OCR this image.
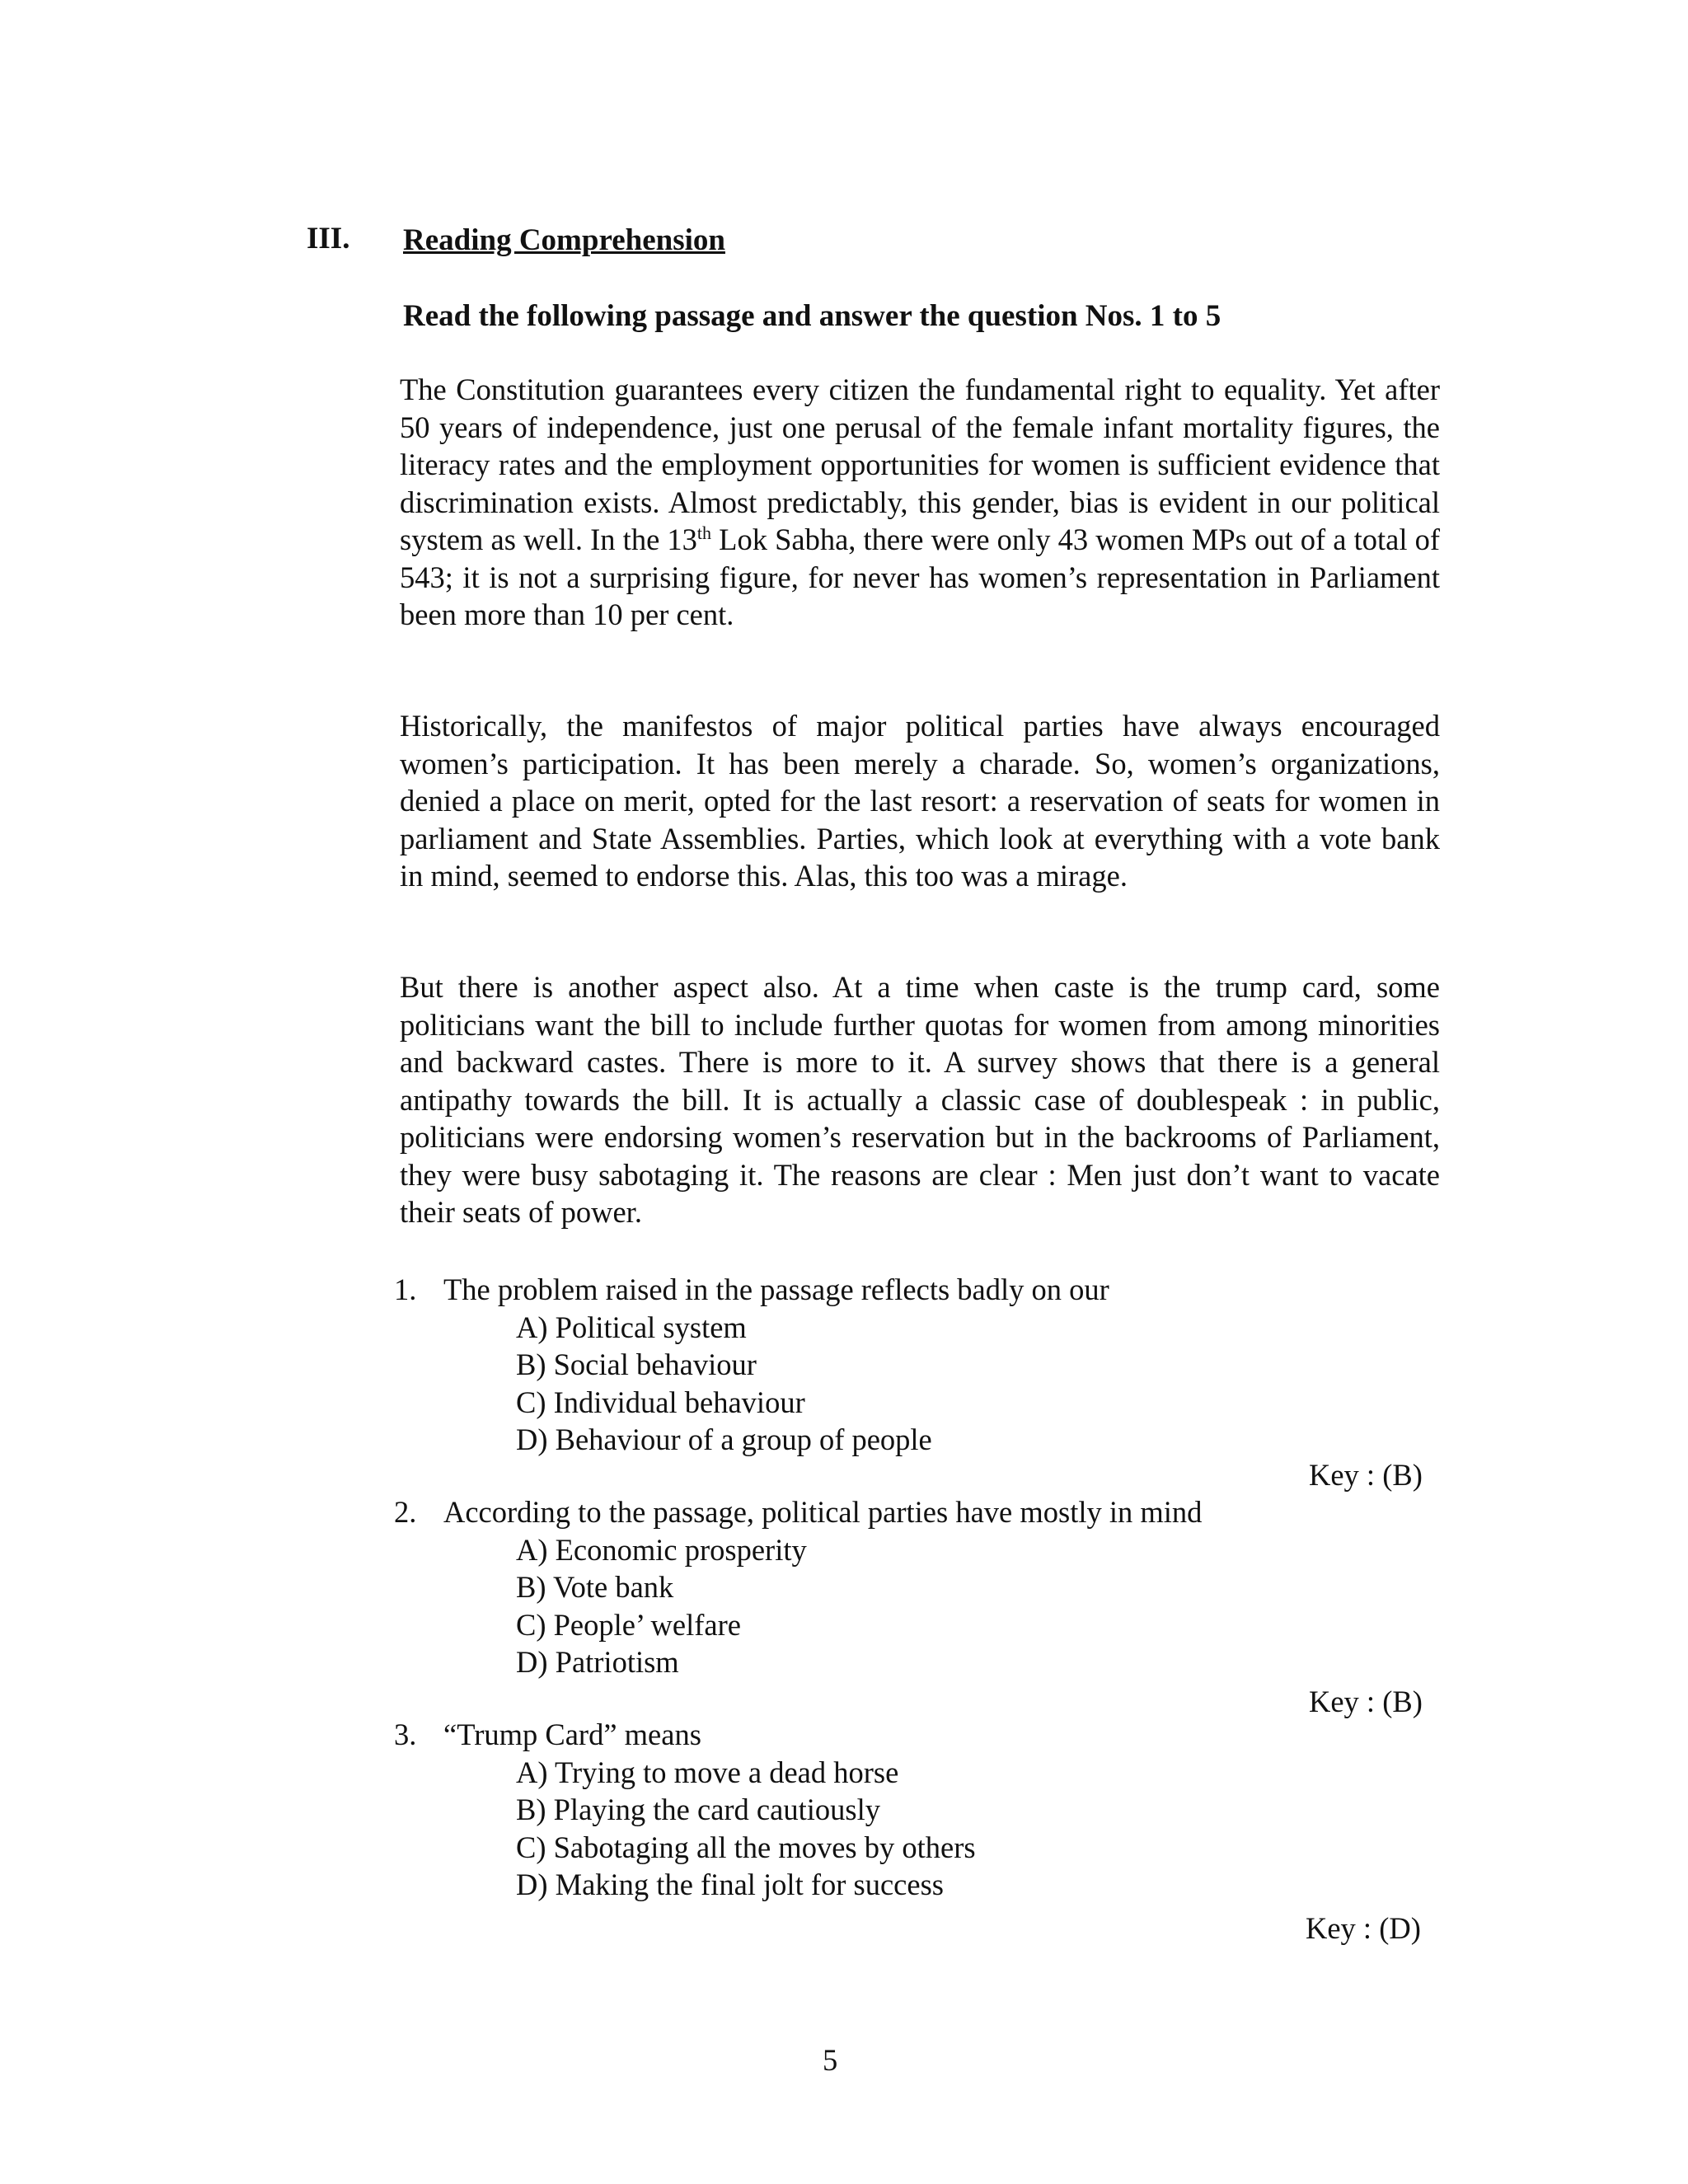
III. Reading Comprehension
Read the following passage and answer the question Nos. 1 to 5

The Constitution guarantees every citizen the fundamental right to equality. Yet after 50 years of independence, just one perusal of the female infant mortality figures, the literacy rates and the employment opportunities for women is sufficient evidence that discrimination exists. Almost predictably, this gender, bias is evident in our political system as well. In the 13th Lok Sabha, there were only 43 women MPs out of a total of 543; it is not a surprising figure, for never has women’s representation in Parliament been more than 10 per cent.

Historically, the manifestos of major political parties have always encouraged women’s participation. It has been merely a charade. So, women’s organizations, denied a place on merit, opted for the last resort: a reservation of seats for women in parliament and State Assemblies. Parties, which look at everything with a vote bank in mind, seemed to endorse this. Alas, this too was a mirage.

But there is another aspect also. At a time when caste is the trump card, some politicians want the bill to include further quotas for women from among minorities and backward castes. There is more to it. A survey shows that there is a general antipathy towards the bill. It is actually a classic case of doublespeak : in public, politicians were endorsing women’s reservation but in the backrooms of Parliament, they were busy sabotaging it. The reasons are clear : Men just don’t want to vacate their seats of power.

1. The problem raised in the passage reflects badly on our
A) Political system
B) Social behaviour
C) Individual behaviour
D) Behaviour of a group of people
Key : (B)
2. According to the passage, political parties have mostly in mind
A) Economic prosperity
B) Vote bank
C) People’ welfare
D) Patriotism
Key : (B)
3. “Trump Card” means
A) Trying to move a dead horse
B) Playing the card cautiously
C) Sabotaging all the moves by others
D) Making the final jolt for success
Key : (D)
5
